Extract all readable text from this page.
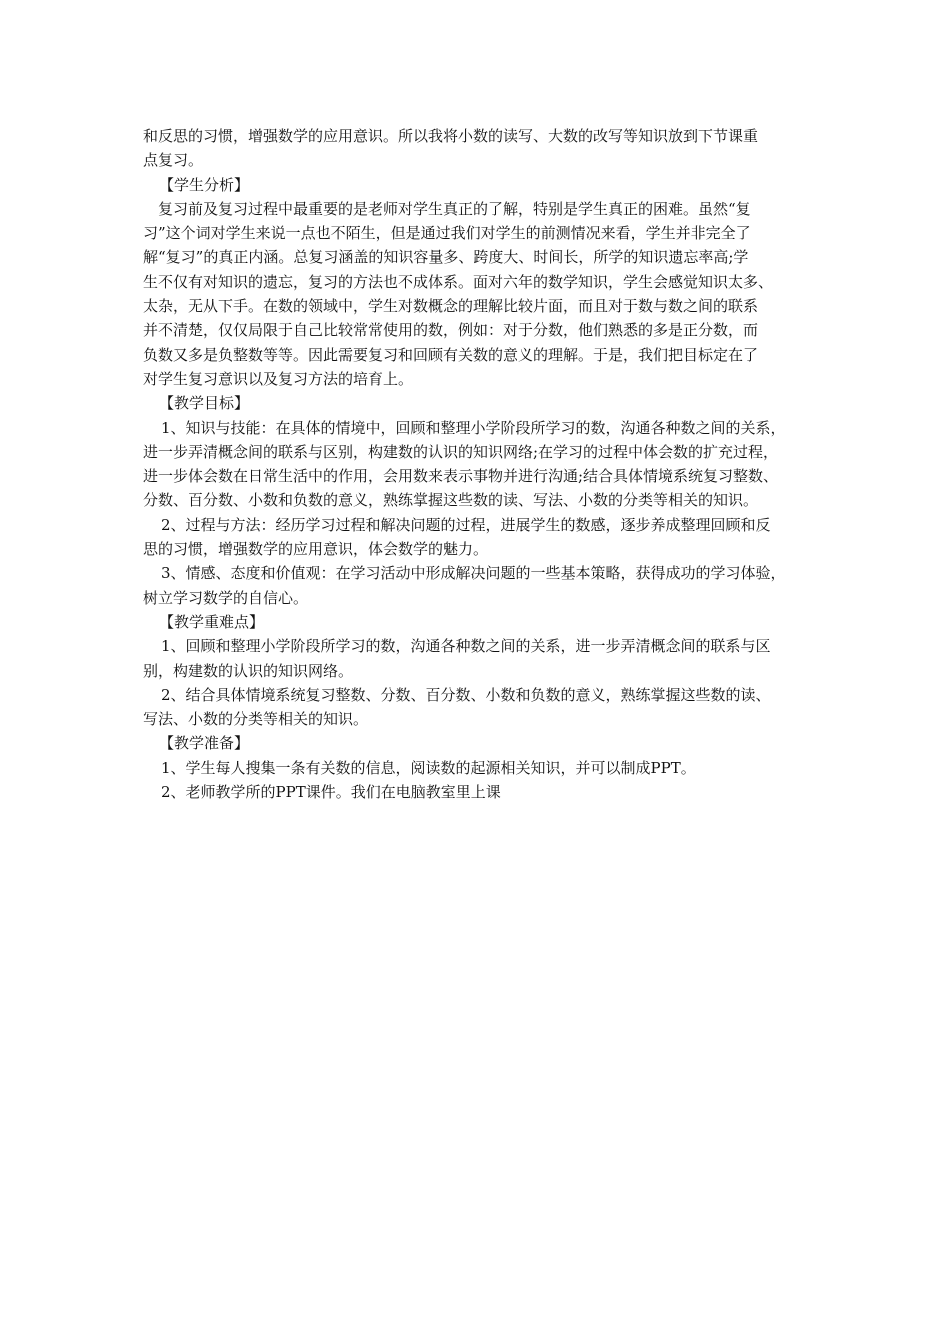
和反思的习惯，增强数学的应用意识。所以我将小数的读写、大数的改写等知识放到下节课重
点复习。
【学生分析】
复习前及复习过程中最重要的是老师对学生真正的了解，特别是学生真正的困难。虽然“复
习”这个词对学生来说一点也不陌生，但是通过我们对学生的前测情况来看，学生并非完全了
解“复习”的真正内涵。总复习涵盖的知识容量多、跨度大、时间长，所学的知识遗忘率高;学
生不仅有对知识的遗忘，复习的方法也不成体系。面对六年的数学知识，学生会感觉知识太多、
太杂，无从下手。在数的领域中，学生对数概念的理解比较片面，而且对于数与数之间的联系
并不清楚，仅仅局限于自己比较常常使用的数，例如：对于分数，他们熟悉的多是正分数，而
负数又多是负整数等等。因此需要复习和回顾有关数的意义的理解。于是，我们把目标定在了
对学生复习意识以及复习方法的培育上。
【教学目标】
1、知识与技能：在具体的情境中，回顾和整理小学阶段所学习的数，沟通各种数之间的关系，
进一步弄清概念间的联系与区别，构建数的认识的知识网络;在学习的过程中体会数的扩充过程，
进一步体会数在日常生活中的作用，会用数来表示事物并进行沟通;结合具体情境系统复习整数、
分数、百分数、小数和负数的意义，熟练掌握这些数的读、写法、小数的分类等相关的知识。
2、过程与方法：经历学习过程和解决问题的过程，进展学生的数感，逐步养成整理回顾和反
思的习惯，增强数学的应用意识，体会数学的魅力。
3、情感、态度和价值观：在学习活动中形成解决问题的一些基本策略，获得成功的学习体验，
树立学习数学的自信心。
【教学重难点】
1、回顾和整理小学阶段所学习的数，沟通各种数之间的关系，进一步弄清概念间的联系与区
别，构建数的认识的知识网络。
2、结合具体情境系统复习整数、分数、百分数、小数和负数的意义，熟练掌握这些数的读、
写法、小数的分类等相关的知识。
【教学准备】
1、学生每人搜集一条有关数的信息，阅读数的起源相关知识，并可以制成PPT。
2、老师教学所的PPT课件。我们在电脑教室里上课
